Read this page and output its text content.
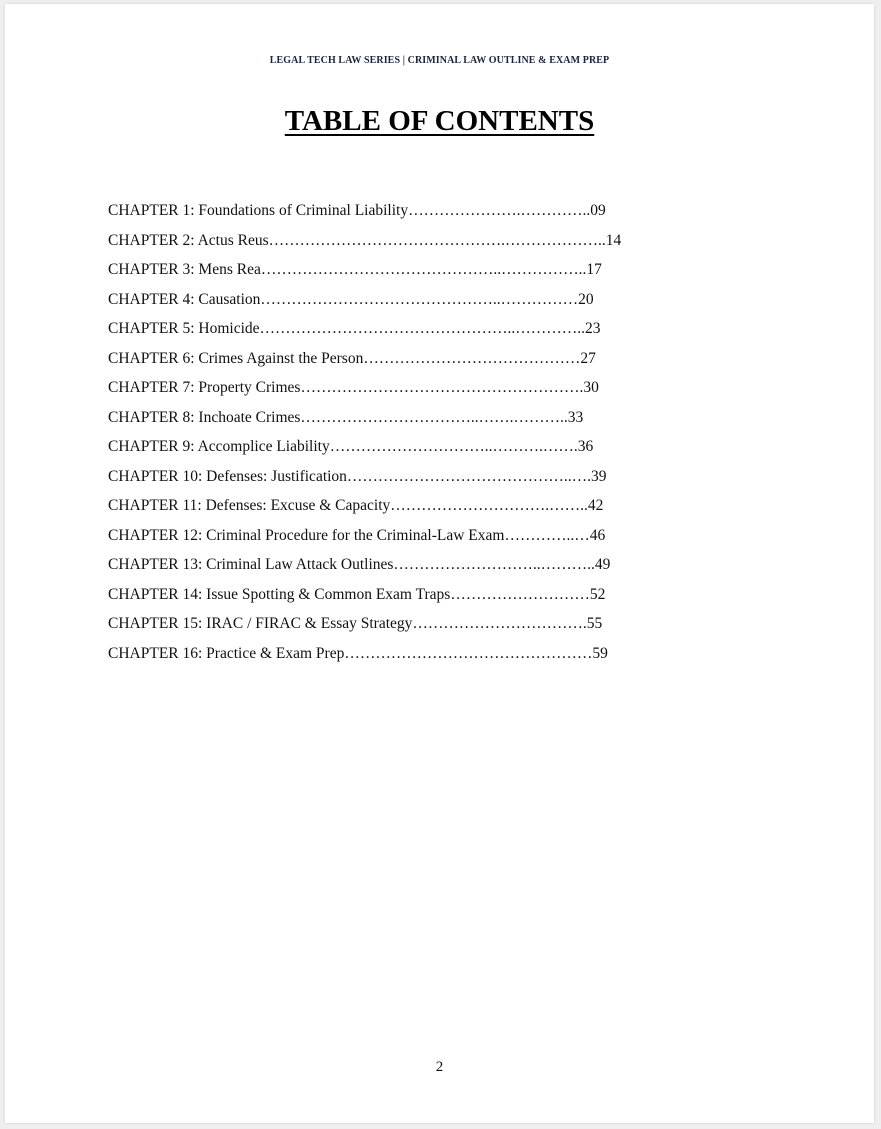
LEGAL TECH LAW SERIES | CRIMINAL LAW OUTLINE & EXAM PREP
TABLE OF CONTENTS
CHAPTER 1: Foundations of Criminal Liability………………….…………..09
CHAPTER 2: Actus Reus……………………………………….………………..14
CHAPTER 3: Mens Rea………………………………………..……………..17
CHAPTER 4: Causation………………………………………..……………20
CHAPTER 5: Homicide…………………………………………..…………..23
CHAPTER 6: Crimes Against the Person……………………………………27
CHAPTER 7: Property Crimes……………………………………………….30
CHAPTER 8: Inchoate Crimes……………………………..…….………..33
CHAPTER 9: Accomplice Liability…………………………..……….…….36
CHAPTER 10: Defenses: Justification……………………………………..….39
CHAPTER 11: Defenses: Excuse & Capacity………………………….……..42
CHAPTER 12: Criminal Procedure for the Criminal-Law Exam…………..…46
CHAPTER 13: Criminal Law Attack Outlines………………………..………..49
CHAPTER 14: Issue Spotting & Common Exam Traps………………………52
CHAPTER 15: IRAC / FIRAC & Essay Strategy…………………………….55
CHAPTER 16: Practice & Exam Prep…………………………………………59
2
